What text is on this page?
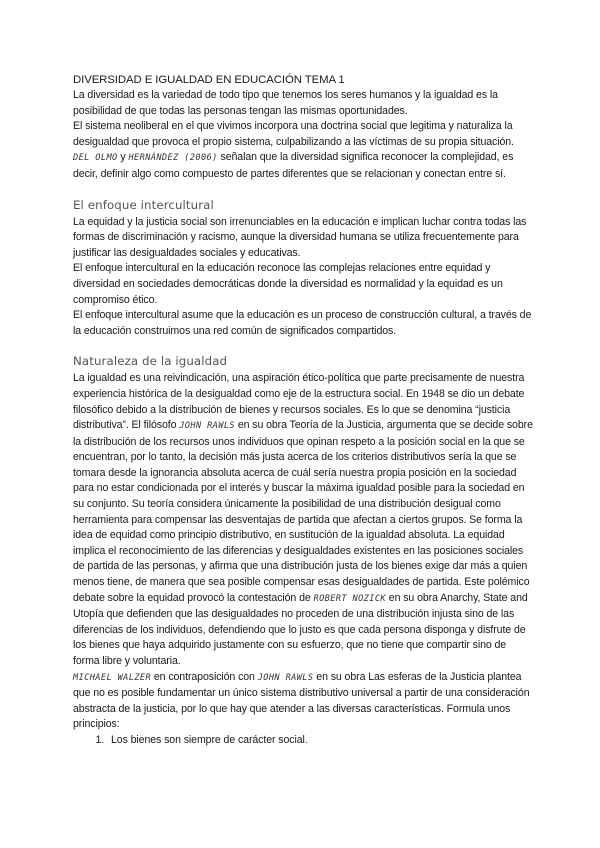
DIVERSIDAD E IGUALDAD EN EDUCACIÓN TEMA 1

La diversidad es la variedad de todo tipo que tenemos los seres humanos y la igualdad es la posibilidad de que todas las personas tengan las mismas oportunidades.

El sistema neoliberal en el que vivimos incorpora una doctrina social que legitima y naturaliza la desigualdad que provoca el propio sistema, culpabilizando a las víctimas de su propia situación.

DEL OLMO y HERNÁNDEZ (2006) señalan que la diversidad significa reconocer la complejidad, es decir, definir algo como compuesto de partes diferentes que se relacionan y conectan entre sí.

El enfoque intercultural

La equidad y la justicia social son irrenunciables en la educación e implican luchar contra todas las formas de discriminación y racismo, aunque la diversidad humana se utiliza frecuentemente para justificar las desigualdades sociales y educativas.

El enfoque intercultural en la educación reconoce las complejas relaciones entre equidad y diversidad en sociedades democráticas donde la diversidad es normalidad y la equidad es un compromiso ético.

El enfoque intercultural asume que la educación es un proceso de construcción cultural, a través de la educación construimos una red común de significados compartidos.

Naturaleza de la igualdad

La igualdad es una reivindicación, una aspiración ético-política que parte precisamente de nuestra experiencia histórica de la desigualdad como eje de la estructura social. En 1948 se dio un debate filosófico debido a la distribución de bienes y recursos sociales. Es lo que se denomina “justicia distributiva”. El filósofo JOHN RAWLS en su obra Teoría de la Justicia, argumenta que se decide sobre la distribución de los recursos unos individuos que opinan respeto a la posición social en la que se encuentran, por lo tanto, la decisión más justa acerca de los criterios distributivos sería la que se tomara desde la ignorancia absoluta acerca de cuál sería nuestra propia posición en la sociedad para no estar condicionada por el interés y buscar la máxima igualdad posible para la sociedad en su conjunto. Su teoría considera únicamente la posibilidad de una distribución desigual como herramienta para compensar las desventajas de partida que afectan a ciertos grupos. Se forma la idea de equidad como principio distributivo, en sustitución de la igualdad absoluta. La equidad implica el reconocimiento de las diferencias y desigualdades existentes en las posiciones sociales de partida de las personas, y afirma que una distribución justa de los bienes exige dar más a quien menos tiene, de manera que sea posible compensar esas desigualdades de partida. Este polémico debate sobre la equidad provocó la contestación de ROBERT NOZICK en su obra Anarchy, State and Utopía que defienden que las desigualdades no proceden de una distribución injusta sino de las diferencias de los individuos, defendiendo que lo justo es que cada persona disponga y disfrute de los bienes que haya adquirido justamente con su esfuerzo, que no tiene que compartir sino de forma libre y voluntaria.

MICHAEL WALZER en contraposición con JOHN RAWLS en su obra Las esferas de la Justicia plantea que no es posible fundamentar un único sistema distributivo universal a partir de una consideración abstracta de la justicia, por lo que hay que atender a las diversas características. Formula unos principios:

1. Los bienes son siempre de carácter social.
